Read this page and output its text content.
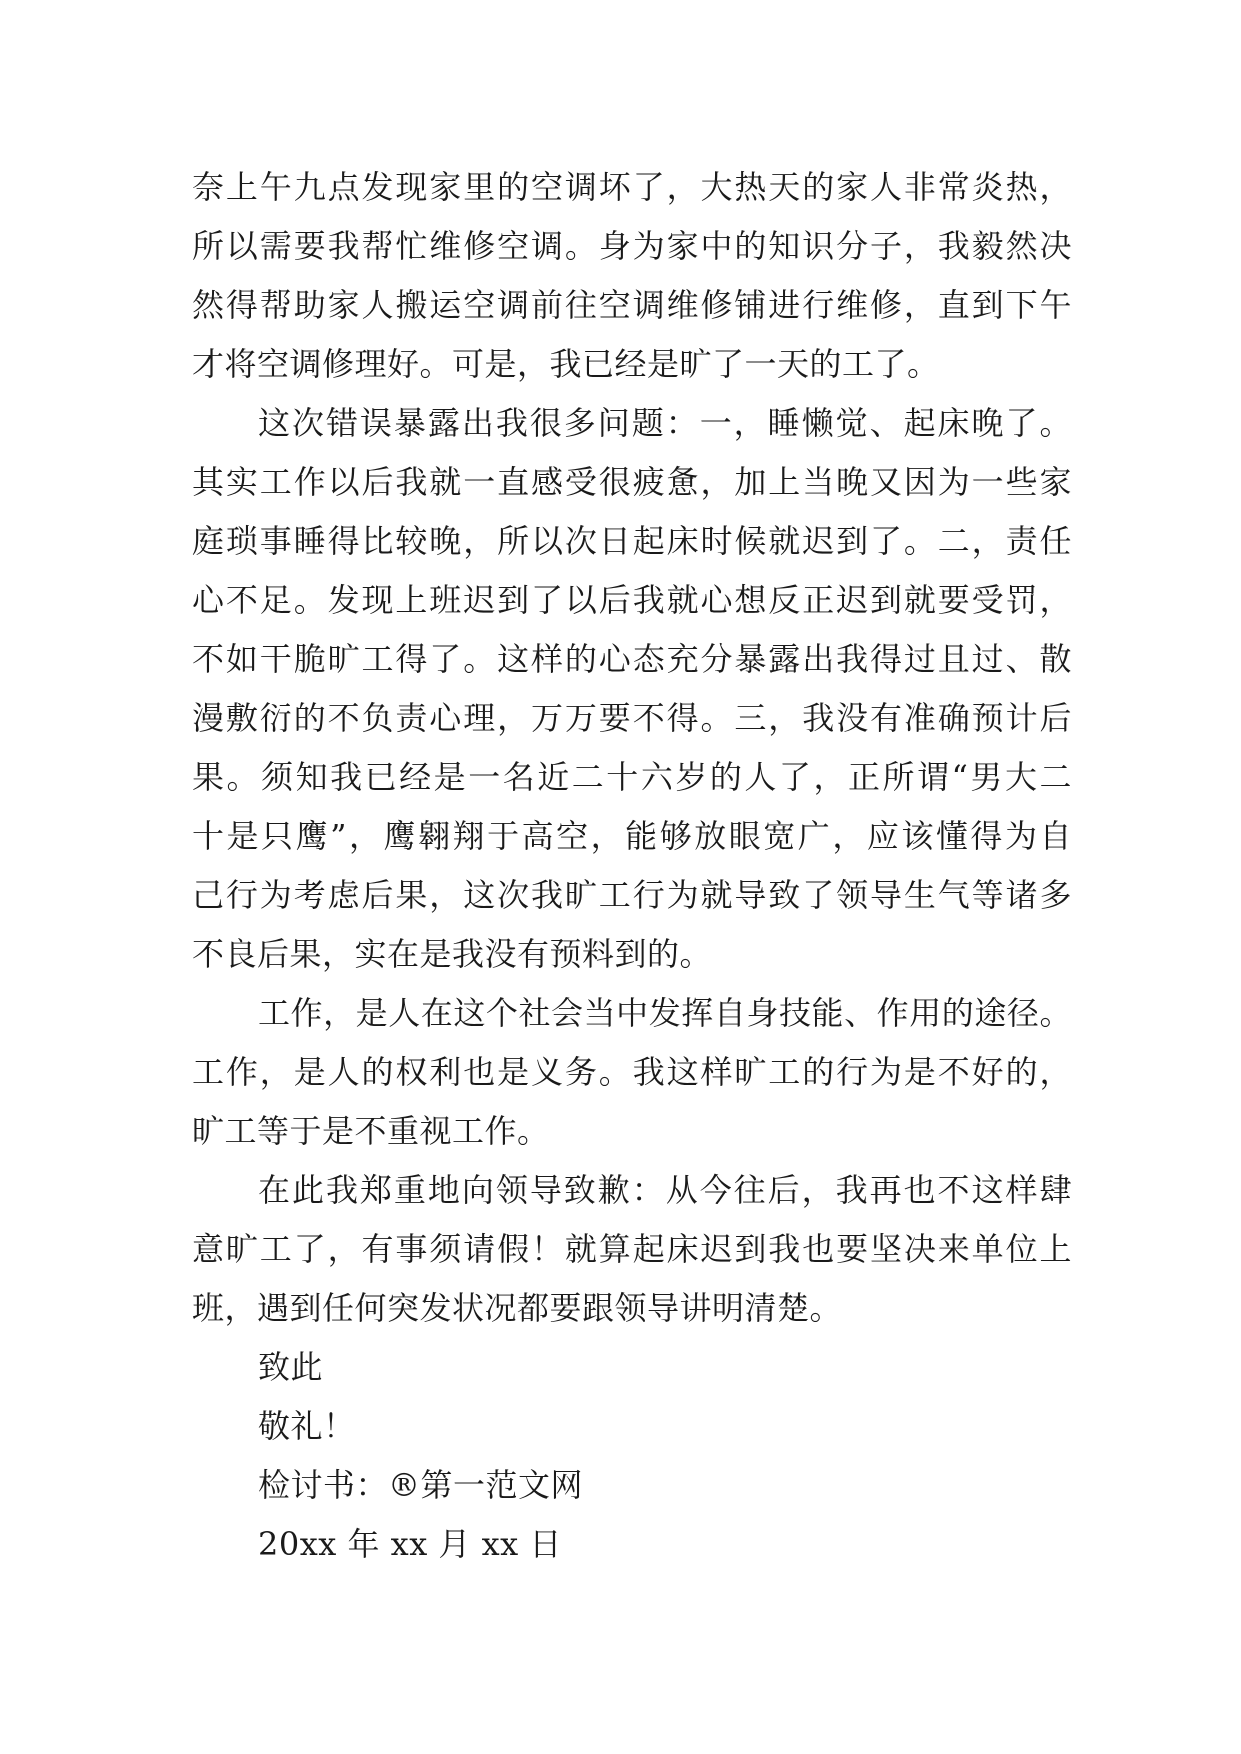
奈上午九点发现家里的空调坏了，大热天的家人非常炎热，
所以需要我帮忙维修空调。身为家中的知识分子，我毅然决
然得帮助家人搬运空调前往空调维修铺进行维修，直到下午
才将空调修理好。可是，我已经是旷了一天的工了。
这次错误暴露出我很多问题：一，睡懒觉、起床晚了。
其实工作以后我就一直感受很疲惫，加上当晚又因为一些家
庭琐事睡得比较晚，所以次日起床时候就迟到了。二，责任
心不足。发现上班迟到了以后我就心想反正迟到就要受罚，
不如干脆旷工得了。这样的心态充分暴露出我得过且过、散
漫敷衍的不负责心理，万万要不得。三，我没有准确预计后
果。须知我已经是一名近二十六岁的人了，正所谓“男大二
十是只鹰”，鹰翱翔于高空，能够放眼宽广，应该懂得为自
己行为考虑后果，这次我旷工行为就导致了领导生气等诸多
不良后果，实在是我没有预料到的。
工作，是人在这个社会当中发挥自身技能、作用的途径。
工作，是人的权利也是义务。我这样旷工的行为是不好的，
旷工等于是不重视工作。
在此我郑重地向领导致歉：从今往后，我再也不这样肆
意旷工了，有事须请假！就算起床迟到我也要坚决来单位上
班，遇到任何突发状况都要跟领导讲明清楚。
致此
敬礼！
检讨书：®第一范文网
20xx 年 xx 月 xx 日
